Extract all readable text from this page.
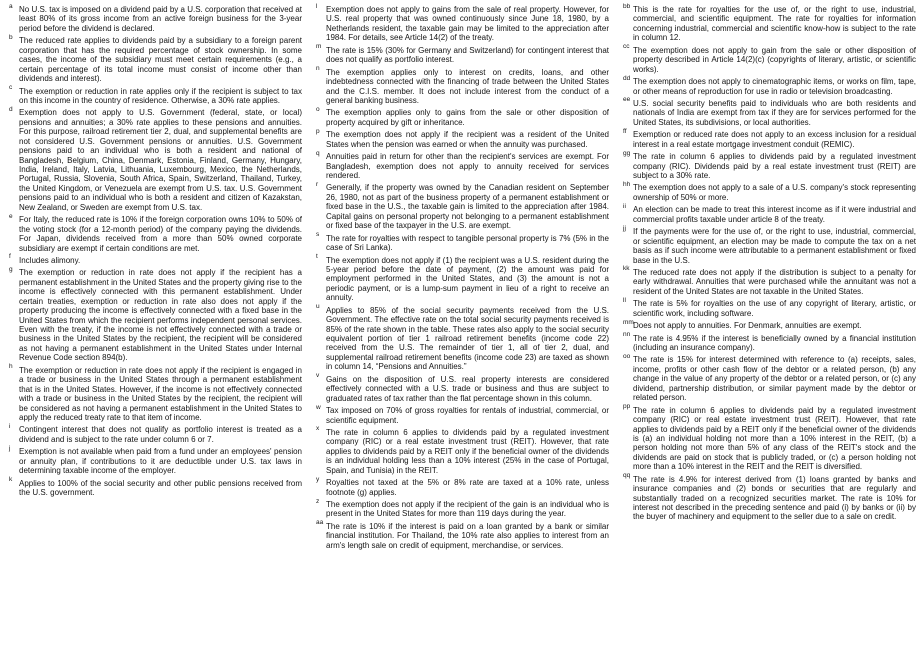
a No U.S. tax is imposed on a dividend paid by a U.S. corporation that received at least 80% of its gross income from an active foreign business for the 3-year period before the dividend is declared.
b The reduced rate applies to dividends paid by a subsidiary to a foreign parent corporation that has the required percentage of stock ownership. In some cases, the income of the subsidiary must meet certain requirements (e.g., a certain percentage of its total income must consist of income other than dividends and interest).
c The exemption or reduction in rate applies only if the recipient is subject to tax on this income in the country of residence. Otherwise, a 30% rate applies.
d Exemption does not apply to U.S. Government (federal, state, or local) pensions and annuities; a 30% rate applies to these pensions and annuities. For this purpose, railroad retirement tier 2, dual, and supplemental benefits are not considered U.S. Government pensions or annuities. U.S. Government pensions paid to an individual who is both a resident and national of Bangladesh, Belgium, China, Denmark, Estonia, Finland, Germany, Hungary, India, Ireland, Italy, Latvia, Lithuania, Luxembourg, Mexico, the Netherlands, Portugal, Russia, Slovenia, South Africa, Spain, Switzerland, Thailand, Turkey, the United Kingdom, or Venezuela are exempt from U.S. tax. U.S. Government pensions paid to an individual who is both a resident and citizen of Kazakstan, New Zealand, or Sweden are exempt from U.S. tax.
e For Italy, the reduced rate is 10% if the foreign corporation owns 10% to 50% of the voting stock (for a 12-month period) of the company paying the dividends. For Japan, dividends received from a more than 50% owned corporate subsidiary are exempt if certain conditions are met.
f Includes alimony.
g The exemption or reduction in rate does not apply if the recipient has a permanent establishment in the United States and the property giving rise to the income is effectively connected with this permanent establishment. Under certain treaties, exemption or reduction in rate also does not apply if the property producing the income is effectively connected with a fixed base in the United States from which the recipient performs independent personal services. Even with the treaty, if the income is not effectively connected with a trade or business in the United States by the recipient, the recipient will be considered as not having a permanent establishment in the United States under Internal Revenue Code section 894(b).
h The exemption or reduction in rate does not apply if the recipient is engaged in a trade or business in the United States through a permanent establishment that is in the United States. However, if the income is not effectively connected with a trade or business in the United States by the recipient, the recipient will be considered as not having a permanent establishment in the United States to apply the reduced treaty rate to that item of income.
i Contingent interest that does not qualify as portfolio interest is treated as a dividend and is subject to the rate under column 6 or 7.
j Exemption is not available when paid from a fund under an employees' pension or annuity plan, if contributions to it are deductible under U.S. tax laws in determining taxable income of the employer.
k Applies to 100% of the social security and other public pensions received from the U.S. government.
l Exemption does not apply to gains from the sale of real property. However, for U.S. real property that was owned continuously since June 18, 1980, by a Netherlands resident, the taxable gain may be limited to the appreciation after 1984. For details, see Article 14(2) of the treaty.
m The rate is 15% (30% for Germany and Switzerland) for contingent interest that does not qualify as portfolio interest.
n The exemption applies only to interest on credits, loans, and other indebtedness connected with the financing of trade between the United States and the C.I.S. member. It does not include interest from the conduct of a general banking business.
o The exemption applies only to gains from the sale or other disposition of property acquired by gift or inheritance.
p The exemption does not apply if the recipient was a resident of the United States when the pension was earned or when the annuity was purchased.
q Annuities paid in return for other than the recipient's services are exempt. For Bangladesh, exemption does not apply to annuity received for services rendered.
r Generally, if the property was owned by the Canadian resident on September 26, 1980, not as part of the business property of a permanent establishment or fixed base in the U.S., the taxable gain is limited to the appreciation after 1984. Capital gains on personal property not belonging to a permanent establishment or fixed base of the taxpayer in the U.S. are exempt.
s The rate for royalties with respect to tangible personal property is 7% (5% in the case of Sri Lanka).
t The exemption does not apply if (1) the recipient was a U.S. resident during the 5-year period before the date of payment, (2) the amount was paid for employment performed in the United States, and (3) the amount is not a periodic payment, or is a lump-sum payment in lieu of a right to receive an annuity.
u Applies to 85% of the social security payments received from the U.S. Government. The effective rate on the total social security payments received is 85% of the rate shown in the table. These rates also apply to the social security equivalent portion of tier 1 railroad retirement benefits (income code 22) received from the U.S. The remainder of tier 1, all of tier 2, dual, and supplemental railroad retirement benefits (income code 23) are taxed as shown in column 14, “Pensions and Annuities.”
v Gains on the disposition of U.S. real property interests are considered effectively connected with a U.S. trade or business and thus are subject to graduated rates of tax rather than the flat percentage shown in this column.
w Tax imposed on 70% of gross royalties for rentals of industrial, commercial, or scientific equipment.
x The rate in column 6 applies to dividends paid by a regulated investment company (RIC) or a real estate investment trust (REIT). However, that rate applies to dividends paid by a REIT only if the beneficial owner of the dividends is an individual holding less than a 10% interest (25% in the case of Portugal, Spain, and Tunisia) in the REIT.
y Royalties not taxed at the 5% or 8% rate are taxed at a 10% rate, unless footnote (g) applies.
z The exemption does not apply if the recipient of the gain is an individual who is present in the United States for more than 119 days during the year.
aa The rate is 10% if the interest is paid on a loan granted by a bank or similar financial institution. For Thailand, the 10% rate also applies to interest from an arm's length sale on credit of equipment, merchandise, or services.
bb This is the rate for royalties for the use of, or the right to use, industrial, commercial, and scientific equipment. The rate for royalties for information concerning industrial, commercial and scientific know-how is subject to the rate in column 12.
cc The exemption does not apply to gain from the sale or other disposition of property described in Article 14(2)(c) (copyrights of literary, artistic, or scientific works).
dd The exemption does not apply to cinematographic items, or works on film, tape, or other means of reproduction for use in radio or television broadcasting.
ee U.S. social security benefits paid to individuals who are both residents and nationals of India are exempt from tax if they are for services performed for the United States, its subdivisions, or local authorities.
ff Exemption or reduced rate does not apply to an excess inclusion for a residual interest in a real estate mortgage investment conduit (REMIC).
gg The rate in column 6 applies to dividends paid by a regulated investment company (RIC). Dividends paid by a real estate investment trust (REIT) are subject to a 30% rate.
hh The exemption does not apply to a sale of a U.S. company's stock representing ownership of 50% or more.
ii An election can be made to treat this interest income as if it were industrial and commercial profits taxable under article 8 of the treaty.
jj If the payments were for the use of, or the right to use, industrial, commercial, or scientific equipment, an election may be made to compute the tax on a net basis as if such income were attributable to a permanent establishment or fixed base in the U.S.
kk The reduced rate does not apply if the distribution is subject to a penalty for early withdrawal. Annuities that were purchased while the annuitant was not a resident of the United States are not taxable in the United States.
ll The rate is 5% for royalties on the use of any copyright of literary, artistic, or scientific work, including software.
mm Does not apply to annuities. For Denmark, annuities are exempt.
nn The rate is 4.95% if the interest is beneficially owned by a financial institution (including an insurance company).
oo The rate is 15% for interest determined with reference to (a) receipts, sales, income, profits or other cash flow of the debtor or a related person, (b) any change in the value of any property of the debtor or a related person, or (c) any dividend, partnership distribution, or similar payment made by the debtor or related person.
pp The rate in column 6 applies to dividends paid by a regulated investment company (RIC) or real estate investment trust (REIT). However, that rate applies to dividends paid by a REIT only if the beneficial owner of the dividends is (a) an individual holding not more than a 10% interest in the REIT, (b) a person holding not more than 5% of any class of the REIT's stock and the dividends are paid on stock that is publicly traded, or (c) a person holding not more than a 10% interest in the REIT and the REIT is diversified.
qq The rate is 4.9% for interest derived from (1) loans granted by banks and insurance companies and (2) bonds or securities that are regularly and substantially traded on a recognized securities market. The rate is 10% for interest not described in the preceding sentence and paid (i) by banks or (ii) by the buyer of machinery and equipment to the seller due to a sale on credit.
